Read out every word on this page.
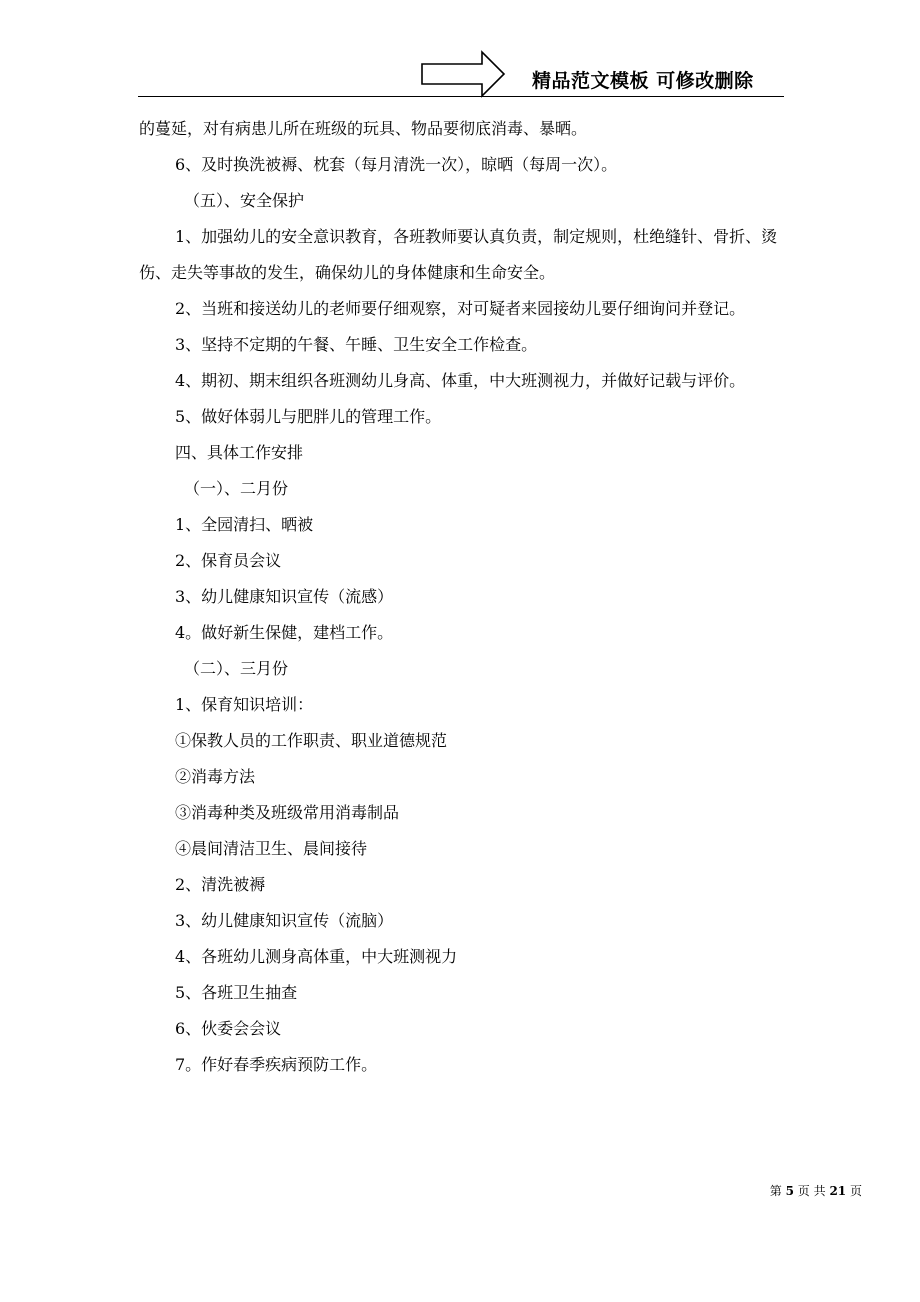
精品范文模板 可修改删除

的蔓延，对有病患儿所在班级的玩具、物品要彻底消毒、暴晒。

6、及时换洗被褥、枕套（每月清洗一次），晾晒（每周一次）。

（五）、安全保护

1、加强幼儿的安全意识教育，各班教师要认真负责，制定规则，杜绝缝针、骨折、烫伤、走失等事故的发生，确保幼儿的身体健康和生命安全。

2、当班和接送幼儿的老师要仔细观察，对可疑者来园接幼儿要仔细询问并登记。

3、坚持不定期的午餐、午睡、卫生安全工作检查。

4、期初、期末组织各班测幼儿身高、体重，中大班测视力，并做好记载与评价。

5、做好体弱儿与肥胖儿的管理工作。

四、具体工作安排

（一）、二月份

1、全园清扫、晒被

2、保育员会议

3、幼儿健康知识宣传（流感）

4。做好新生保健，建档工作。

（二）、三月份

1、保育知识培训：

①保教人员的工作职责、职业道德规范

②消毒方法

③消毒种类及班级常用消毒制品

④晨间清洁卫生、晨间接待

2、清洗被褥

3、幼儿健康知识宣传（流脑）

4、各班幼儿测身高体重，中大班测视力

5、各班卫生抽查

6、伙委会会议

7。作好春季疾病预防工作。

第 5 页 共 21 页
